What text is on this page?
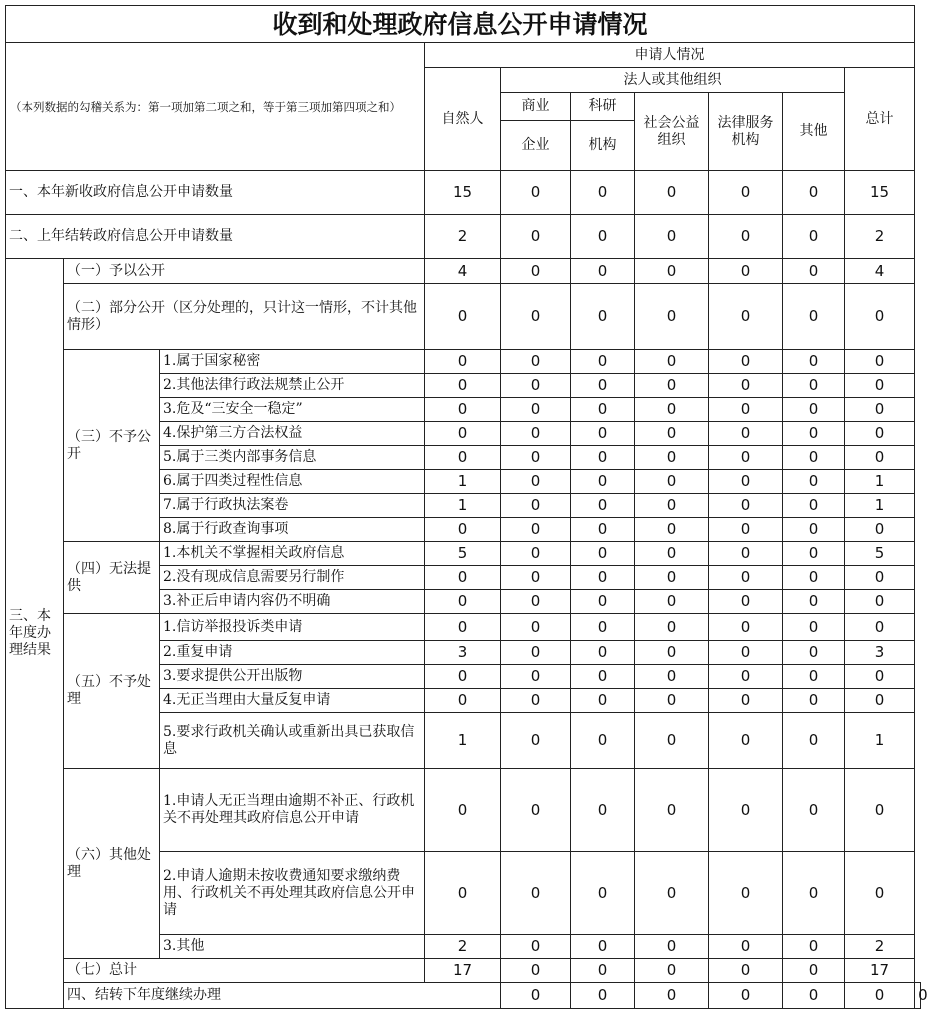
收到和处理政府信息公开申请情况										
（本列数据的勾稽关系为：第一项加第二项之和，等于第三项加第四项之和）			申请人情况							
			自然人	法人或其他组织					总计	
				商业	科研	社会公益组织	法律服务机构	其他		
				企业	机构					
一、本年新收政府信息公开申请数量			15	0	0	0	0	0	15	
二、上年结转政府信息公开申请数量			2	0	0	0	0	0	2	
三、本年度办理结果	（一）予以公开		4	0	0	0	0	0	4	
	（二）部分公开（区分处理的，只计这一情形，不计其他情形）		0	0	0	0	0	0	0	
	（三）不予公开	1.属于国家秘密	0	0	0	0	0	0	0	
		2.其他法律行政法规禁止公开	0	0	0	0	0	0	0	
		3.危及“三安全一稳定”	0	0	0	0	0	0	0	
		4.保护第三方合法权益	0	0	0	0	0	0	0	
		5.属于三类内部事务信息	0	0	0	0	0	0	0	
		6.属于四类过程性信息	1	0	0	0	0	0	1	
		7.属于行政执法案卷	1	0	0	0	0	0	1	
		8.属于行政查询事项	0	0	0	0	0	0	0	
	（四）无法提供	1.本机关不掌握相关政府信息	5	0	0	0	0	0	5	
		2.没有现成信息需要另行制作	0	0	0	0	0	0	0	
		3.补正后申请内容仍不明确	0	0	0	0	0	0	0	
	（五）不予处理	1.信访举报投诉类申请	0	0	0	0	0	0	0	
		2.重复申请	3	0	0	0	0	0	3	
		3.要求提供公开出版物	0	0	0	0	0	0	0	
		4.无正当理由大量反复申请	0	0	0	0	0	0	0	
		5.要求行政机关确认或重新出具已获取信息	1	0	0	0	0	0	1	
	（六）其他处理	1.申请人无正当理由逾期不补正、行政机关不再处理其政府信息公开申请	0	0	0	0	0	0	0	
		2.申请人逾期未按收费通知要求缴纳费用、行政机关不再处理其政府信息公开申请	0	0	0	0	0	0	0	
		3.其他	2	0	0	0	0	0	2	
	（七）总计		17	0	0	0	0	0	17	
	四、结转下年度继续办理			0	0	0	0	0	0	0
